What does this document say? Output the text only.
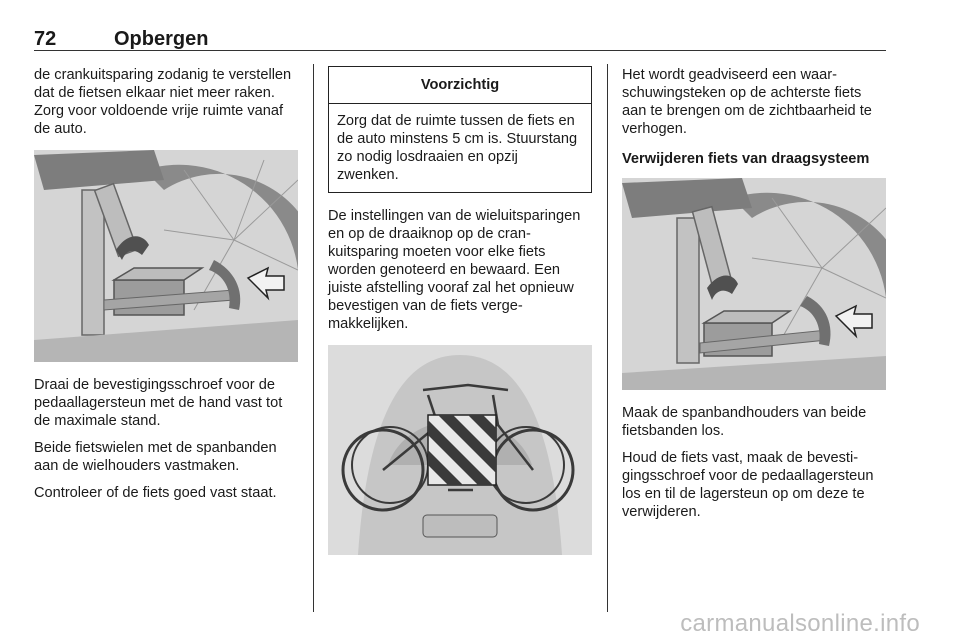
72	Opbergen

de crankuitsparing zodanig te verstellen dat de fietsen elkaar niet meer raken. Zorg voor voldoende vrije ruimte vanaf de auto.

Draai de bevestigingsschroef voor de pedaallagersteun met de hand vast tot de maximale stand.

Beide fietswielen met de spanbanden aan de wielhouders vastmaken.

Controleer of de fiets goed vast staat.

Voorzichtig
Zorg dat de ruimte tussen de fiets en de auto minstens 5 cm is. Stuurstang zo nodig losdraaien en opzij zwenken.

De instellingen van de wieluitsparingen en op de draaiknop op de crankuitsparing moeten voor elke fiets worden genoteerd en bewaard. Een juiste afstelling vooraf zal het opnieuw bevestigen van de fiets vergemakkelijken.

Het wordt geadviseerd een waarschuwingsteken op de achterste fiets aan te brengen om de zichtbaarheid te verhogen.

Verwijderen fiets van draagsysteem

Maak de spanbandhouders van beide fietsbanden los.

Houd de fiets vast, maak de bevestigingsschroef voor de pedaallagersteun los en til de lagersteun op om deze te verwijderen.

carmanualsonline.info
